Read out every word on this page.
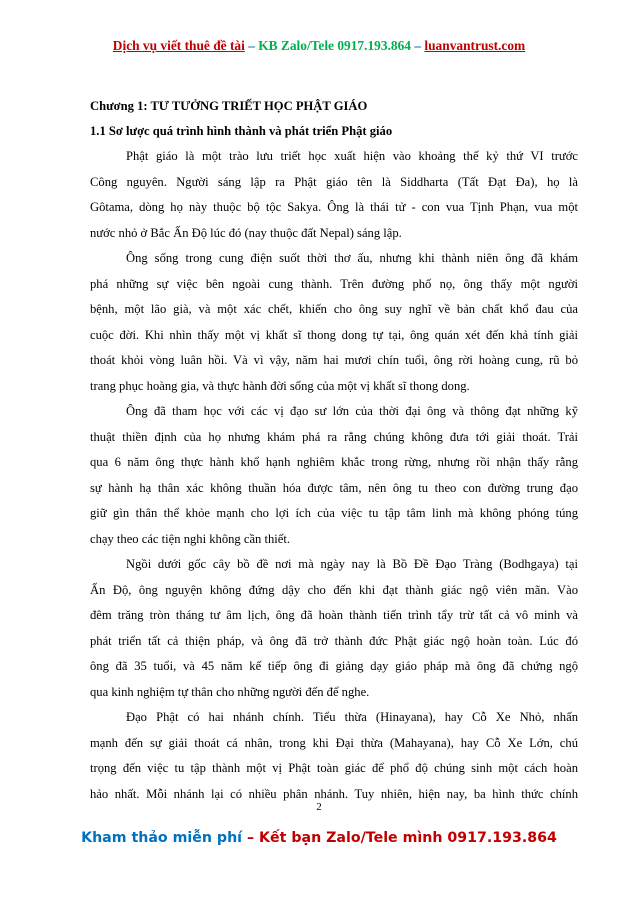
Dịch vụ viết thuê đề tài – KB Zalo/Tele 0917.193.864 – luanvantrust.com
Chương 1: TƯ TƯỞNG TRIẾT HỌC PHẬT GIÁO
1.1 Sơ lược quá trình hình thành và phát triển Phật giáo
Phật giáo là một trào lưu triết học xuất hiện vào khoảng thế kỷ thứ VI trước
Công nguyên. Người sáng lập ra Phật giáo tên là Siddharta (Tất Đạt Đa), họ là
Gôtama, dòng họ này thuộc bộ tộc Sakya. Ông là thái tử - con vua Tịnh Phạn, vua một
nước nhỏ ở Bắc Ấn Độ lúc đó (nay thuộc đất Nepal) sáng lập.
Ông sống trong cung điện suốt thời thơ ấu, nhưng khi thành niên ông đã khám
phá những sự việc bên ngoài cung thành. Trên đường phố nọ, ông thấy một người
bệnh, một lão già, và một xác chết, khiến cho ông suy nghĩ về bản chất khổ đau của
cuộc đời. Khi nhìn thấy một vị khất sĩ thong dong tự tại, ông quán xét đến khả tính giải
thoát khỏi vòng luân hồi. Và vì vậy, năm hai mươi chín tuổi, ông rời hoàng cung, rũ bỏ
trang phục hoàng gia, và thực hành đời sống của một vị khất sĩ thong dong.
Ông đã tham học với các vị đạo sư lớn của thời đại ông và thông đạt những kỹ
thuật thiền định của họ nhưng khám phá ra rằng chúng không đưa tới giải thoát. Trải
qua 6 năm ông thực hành khổ hạnh nghiêm khắc trong rừng, nhưng rồi nhận thấy rằng
sự hành hạ thân xác không thuần hóa được tâm, nên ông tu theo con đường trung đạo
giữ gìn thân thể khỏe mạnh cho lợi ích của việc tu tập tâm linh mà không phóng túng
chạy theo các tiện nghi không cần thiết.
Ngồi dưới gốc cây bồ đề nơi mà ngày nay là Bồ Đề Đạo Tràng (Bodhgaya) tại
Ấn Độ, ông nguyện không đứng dậy cho đến khi đạt thành giác ngộ viên mãn. Vào
đêm trăng tròn tháng tư âm lịch, ông đã hoàn thành tiến trình tẩy trừ tất cả vô minh và
phát triển tất cả thiện pháp, và ông đã trở thành đức Phật giác ngộ hoàn toàn. Lúc đó
ông đã 35 tuổi, và 45 năm kế tiếp ông đi giảng dạy giáo pháp mà ông đã chứng ngộ
qua kinh nghiệm tự thân cho những người đến để nghe.
Đạo Phật có hai nhánh chính. Tiểu thừa (Hinayana), hay Cỗ Xe Nhỏ, nhấn
mạnh đến sự giải thoát cá nhân, trong khi Đại thừa (Mahayana), hay Cỗ Xe Lớn, chú
trọng đến việc tu tập thành một vị Phật toàn giác để phổ độ chúng sinh một cách hoàn
hảo nhất. Mỗi nhánh lại có nhiều phân nhánh. Tuy nhiên, hiện nay, ba hình thức chính
2
Kham thảo miễn phí – Kết bạn Zalo/Tele mình 0917.193.864
